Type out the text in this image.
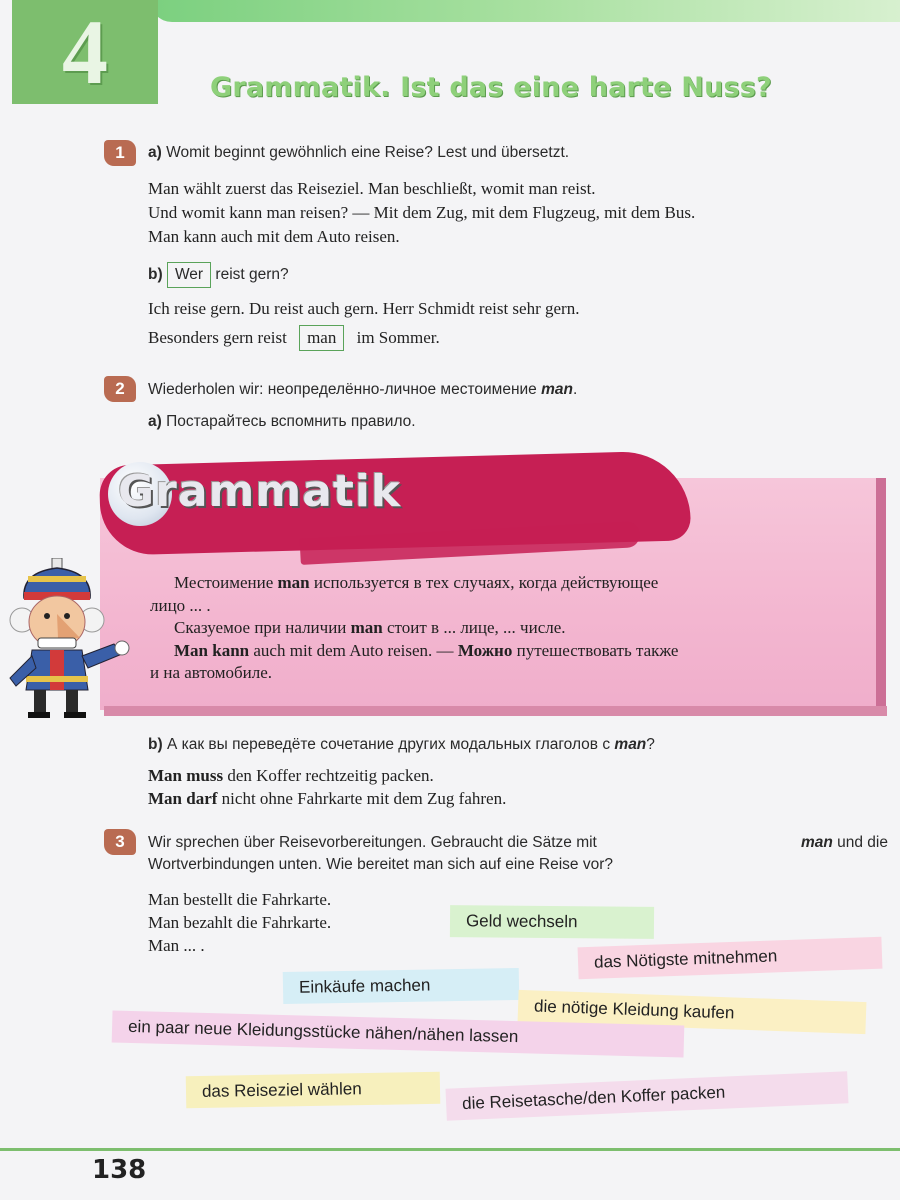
4	Grammatik. Ist das eine harte Nuss?
1	a) Womit beginnt gewöhnlich eine Reise? Lest und übersetzt.
Man wählt zuerst das Reiseziel. Man beschließt, womit man reist.
Und womit kann man reisen? — Mit dem Zug, mit dem Flugzeug, mit dem Bus.
Man kann auch mit dem Auto reisen.
b) Wer reist gern?
Ich reise gern. Du reist auch gern. Herr Schmidt reist sehr gern.
Besonders gern reist man im Sommer.
2	Wiederholen wir: неопределённо-личное местоимение man.
a) Постарайтесь вспомнить правило.
Grammatik
Местоимение man используется в тех случаях, когда действующее
лицо ... .
Сказуемое при наличии man стоит в ... лице, ... числе.
Man kann auch mit dem Auto reisen. — Можно путешествовать также
и на автомобиле.
b) А как вы переведёте сочетание других модальных глаголов с man?
Man muss den Koffer rechtzeitig packen.
Man darf nicht ohne Fahrkarte mit dem Zug fahren.
3	Wir sprechen über Reisevorbereitungen. Gebraucht die Sätze mit	man und die
Wortverbindungen unten. Wie bereitet man sich auf eine Reise vor?
Man bestellt die Fahrkarte.
Man bezahlt die Fahrkarte.
Man ... .
Geld wechseln
das Nötigste mitnehmen
Einkäufe machen
die nötige Kleidung kaufen
ein paar neue Kleidungsstücke nähen/nähen lassen
das Reiseziel wählen	die Reisetasche/den Koffer packen
138
